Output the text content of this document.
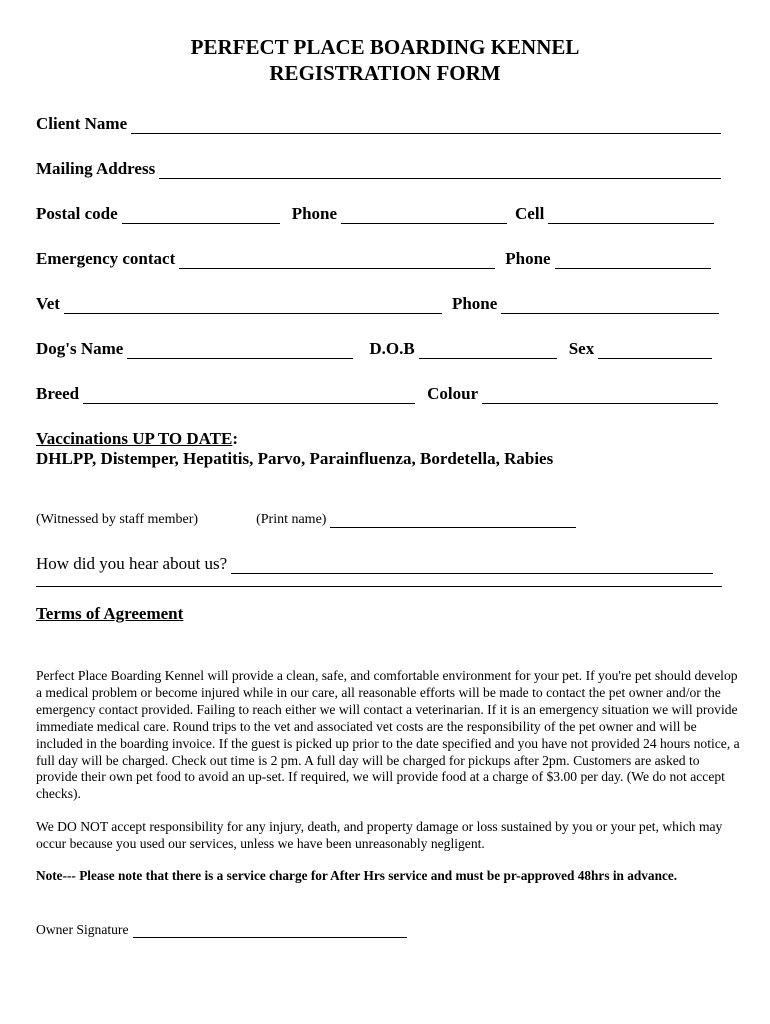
PERFECT PLACE BOARDING KENNEL
REGISTRATION FORM
Client Name
Mailing Address
Postal code	Phone	Cell
Emergency contact	Phone
Vet	Phone
Dog's Name	D.O.B	Sex
Breed	Colour
Vaccinations UP TO DATE:
DHLPP, Distemper, Hepatitis, Parvo, Parainfluenza, Bordetella, Rabies
(Witnessed by staff member)	(Print name)
How did you hear about us?
Terms of Agreement
Perfect Place Boarding Kennel will provide a clean, safe, and comfortable environment for your pet. If you're pet should develop a medical problem or become injured while in our care, all reasonable efforts will be made to contact the pet owner and/or the emergency contact provided. Failing to reach either we will contact a veterinarian. If it is an emergency situation we will provide immediate medical care. Round trips to the vet and associated vet costs are the responsibility of the pet owner and will be included in the boarding invoice. If the guest is picked up prior to the date specified and you have not provided 24 hours notice, a full day will be charged. Check out time is 2 pm. A full day will be charged for pickups after 2pm. Customers are asked to provide their own pet food to avoid an up-set. If required, we will provide food at a charge of $3.00 per day. (We do not accept checks).
We DO NOT accept responsibility for any injury, death, and property damage or loss sustained by you or your pet, which may occur because you used our services, unless we have been unreasonably negligent.
Note--- Please note that there is a service charge for After Hrs service and must be pr-approved 48hrs in advance.
Owner Signature
